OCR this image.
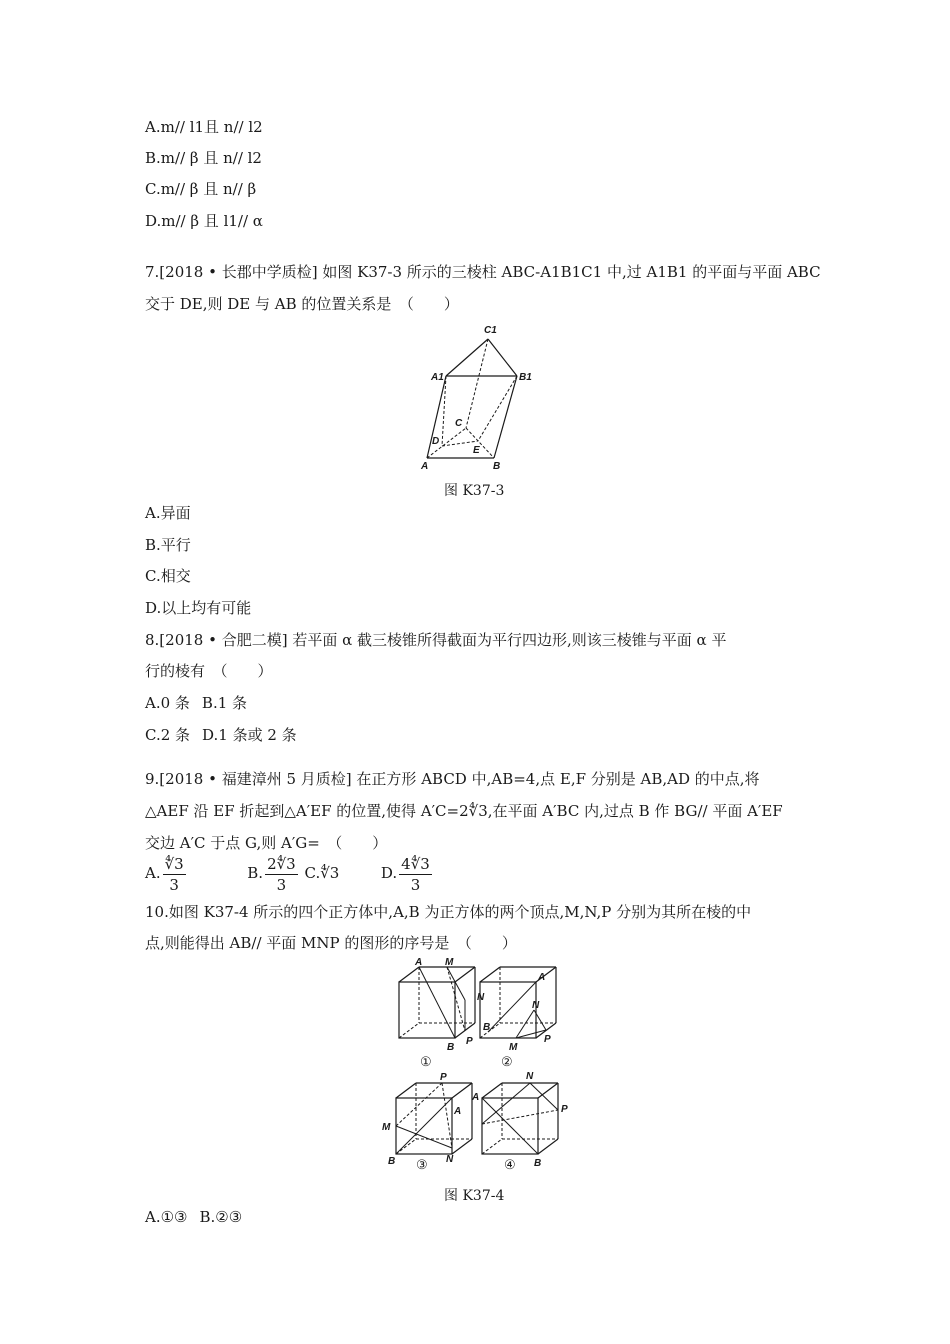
A.m// l1且 n// l2
B.m// β 且 n// l2
C.m// β 且 n// β
D.m// β 且 l1// α
7.[2018 • 长郡中学质检] 如图 K37-3 所示的三棱柱 ABC-A1B1C1 中,过 A1B1 的平面与平面 ABC
交于 DE,则 DE 与 AB 的位置关系是　（　　）
C1
A1	B1
C
D
E
A	B
图 K37-3
A.异面
B.平行
C.相交
D.以上均有可能
8.[2018 • 合肥二模] 若平面 α 截三棱锥所得截面为平行四边形,则该三棱锥与平面 α 平
行的棱有　（　　）
A.0 条 B.1 条
C.2 条 D.1 条或 2 条
9.[2018 • 福建漳州 5 月质检] 在正方形 ABCD 中,AB=4,点 E,F 分别是 AB,AD 的中点,将
△AEF 沿 EF 折起到△A′EF 的位置,使得 A′C=2∜3,在平面 A′BC 内,过点 B 作 BG// 平面 A′EF
交边 A′C 于点 G,则 A′G=　（　　）
A. $\frac{∜3}{3}$	B. $\frac{2∜3}{3}$ C.∜3	D. $\frac{4∜3}{3}$
10.如图 K37-4 所示的四个正方体中,A,B 为正方体的两个顶点,M,N,P 分别为其所在棱的中
点,则能得出 AB// 平面 MNP 的图形的序号是　（　　）
A M
N
B
P
①
A
N
B
M
P
②
P
A
M
N
B ③
N
A
P
B
④
图 K37-4
A.①③ B.②③
